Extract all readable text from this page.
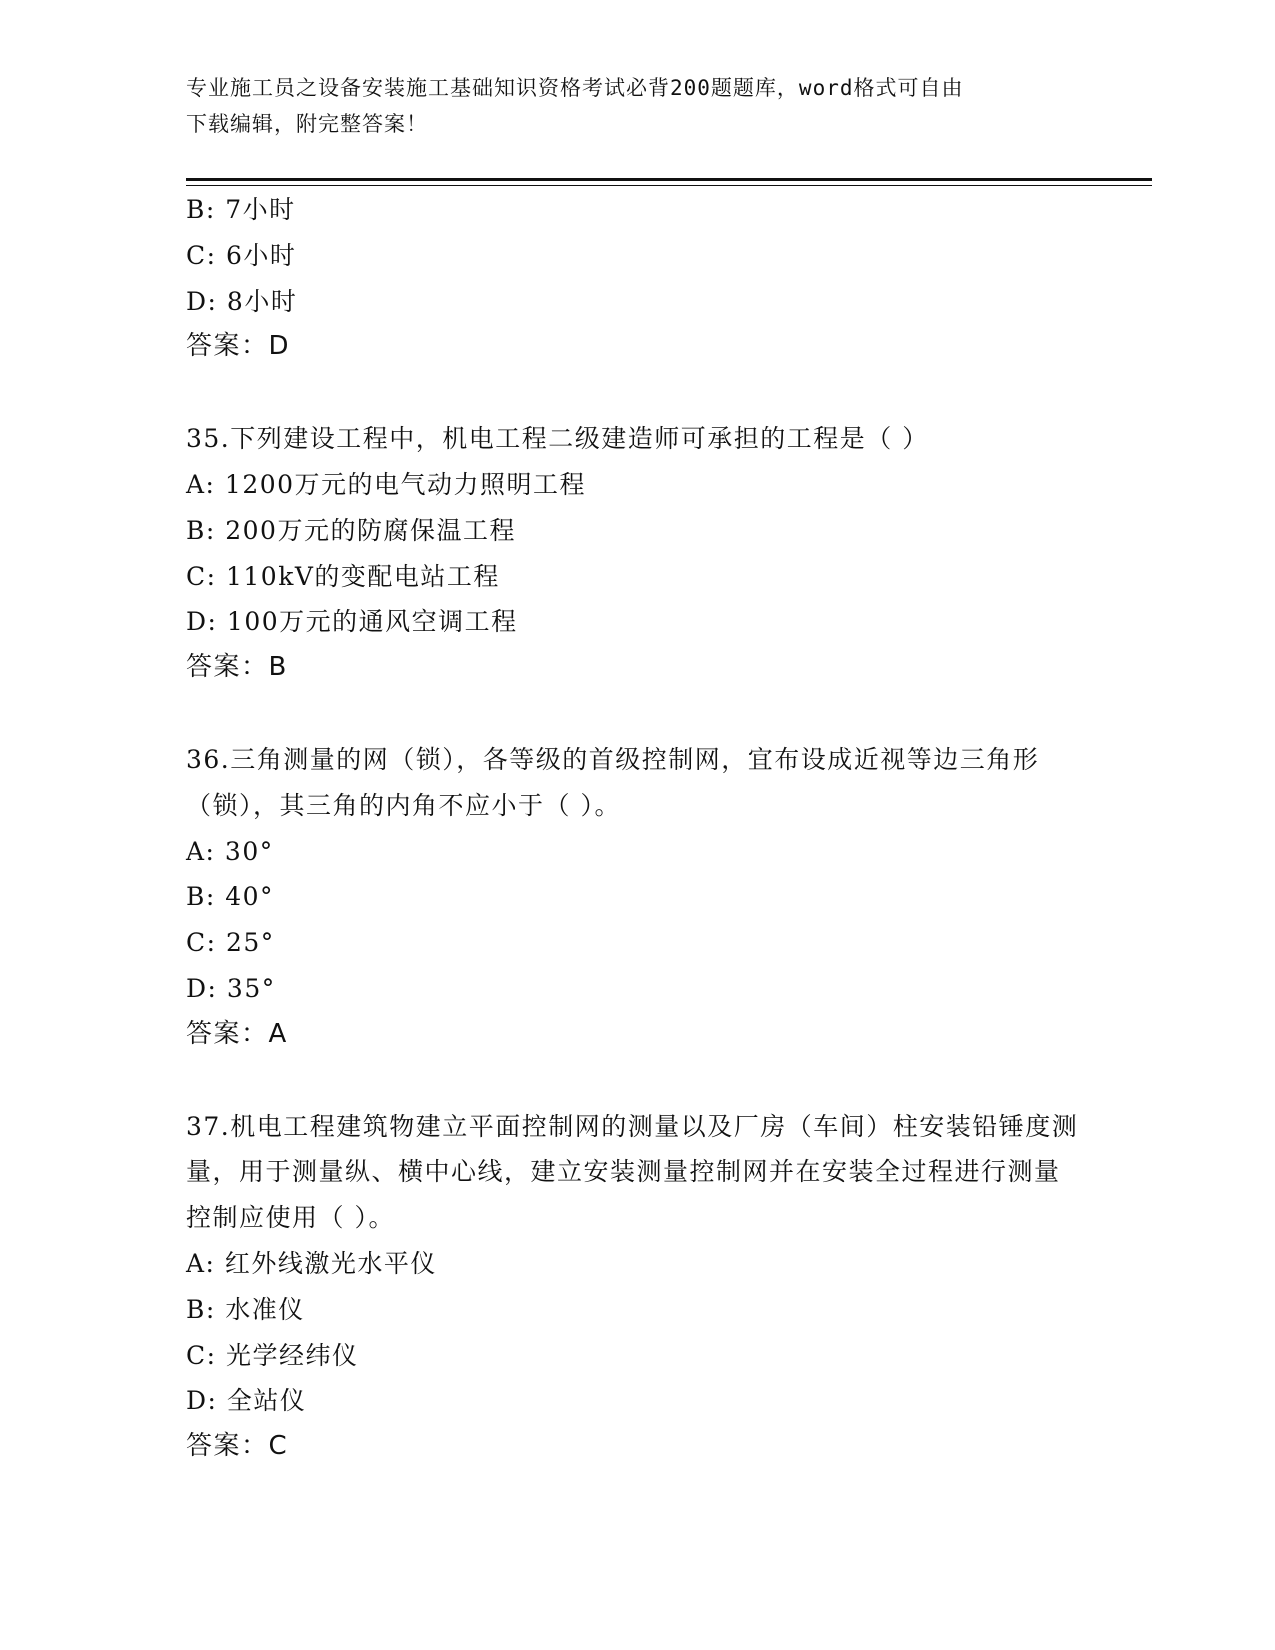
专业施工员之设备安装施工基础知识资格考试必背200题题库，word格式可自由
下载编辑，附完整答案！
B: 7小时
C: 6小时
D: 8小时
答案：D
35.下列建设工程中，机电工程二级建造师可承担的工程是（ ）
A: 1200万元的电气动力照明工程
B: 200万元的防腐保温工程
C: 110kV的变配电站工程
D: 100万元的通风空调工程
答案：B
36.三角测量的网（锁），各等级的首级控制网，宜布设成近视等边三角形（锁），其三角的内角不应小于（ ）。
A: 30°
B: 40°
C: 25°
D: 35°
答案：A
37.机电工程建筑物建立平面控制网的测量以及厂房（车间）柱安装铅锤度测量，用于测量纵、横中心线，建立安装测量控制网并在安装全过程进行测量控制应使用（ ）。
A: 红外线激光水平仪
B: 水准仪
C: 光学经纬仪
D: 全站仪
答案：C
